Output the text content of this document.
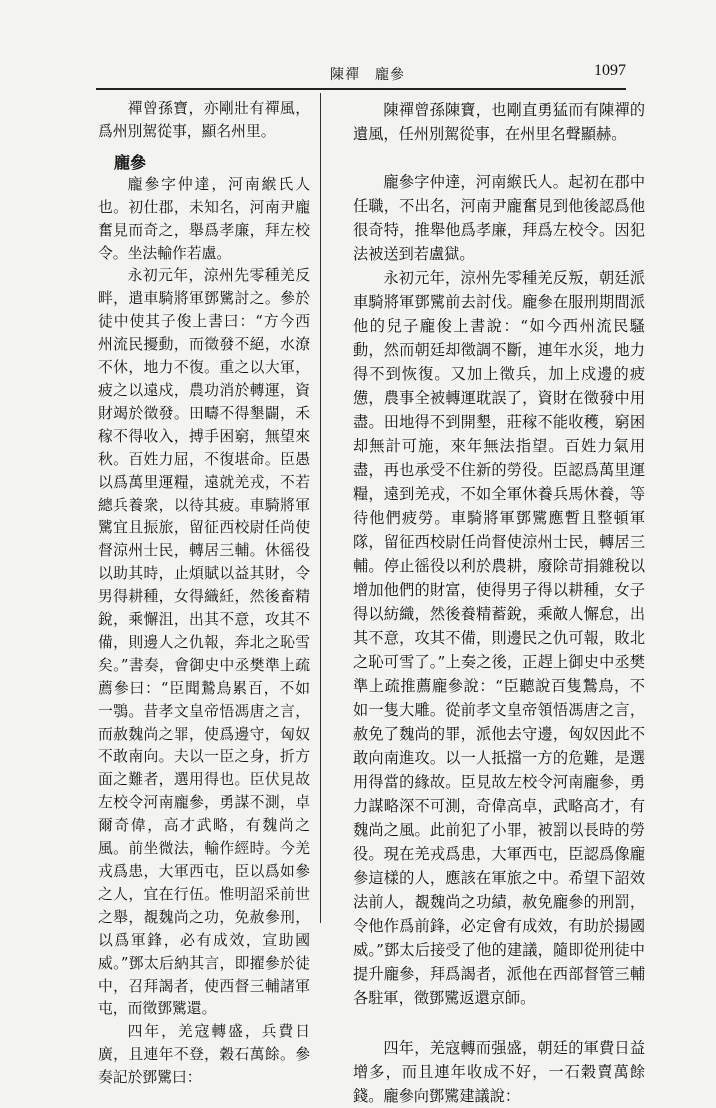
陳禪　龐參	1097

禪曾孫寶，亦剛壯有禪風，爲州別駕從事，顯名州里。

龐參

龐參字仲達，河南緱氏人也。初仕郡，未知名，河南尹龐奮見而奇之，舉爲孝廉，拜左校令。坐法輸作若盧。

永初元年，涼州先零種羌反畔，遣車騎將軍鄧騭討之。參於徒中使其子俊上書曰：“方今西州流民擾動，而徵發不絕，水潦不休，地力不復。重之以大軍，疲之以遠戍，農功消於轉運，資財竭於徵發。田疇不得墾闢，禾稼不得收入，搏手困窮，無望來秋。百姓力屈，不復堪命。臣愚以爲萬里運糧，遠就羌戎，不若總兵養衆，以待其疲。車騎將軍騭宜且振旅，留征西校尉任尚使督涼州士民，轉居三輔。休徭役以助其時，止煩賦以益其財，令男得耕種，女得織紝，然後畜精銳，乘懈沮，出其不意，攻其不備，則邊人之仇報，奔北之恥雪矣。”書奏，會御史中丞樊準上疏薦參曰：“臣聞鷙鳥累百，不如一鶚。昔孝文皇帝悟馮唐之言，而赦魏尚之罪，使爲邊守，匈奴不敢南向。夫以一臣之身，折方面之難者，選用得也。臣伏見故左校令河南龐參，勇謀不測，卓爾奇偉，高才武略，有魏尚之風。前坐微法，輸作經時。今羌戎爲患，大軍西屯，臣以爲如參之人，宜在行伍。惟明詔采前世之舉，覩魏尚之功，免赦參刑，以爲軍鋒，必有成效，宣助國威。”鄧太后納其言，即擢參於徒中，召拜謁者，使西督三輔諸軍屯，而徵鄧騭還。

四年，羌寇轉盛，兵費日廣，且連年不登，穀石萬餘。參奏記於鄧騭曰：

陳禪曾孫陳寶，也剛直勇猛而有陳禪的遺風，任州別駕從事，在州里名聲顯赫。

龐參字仲達，河南緱氏人。起初在郡中任職，不出名，河南尹龐奮見到他後認爲他很奇特，推舉他爲孝廉，拜爲左校令。因犯法被送到若盧獄。

永初元年，涼州先零種羌反叛，朝廷派車騎將軍鄧騭前去討伐。龐參在服刑期間派他的兒子龐俊上書說：“如今西州流民騷動，然而朝廷却徵調不斷，連年水災，地力得不到恢復。又加上徵兵，加上戍邊的疲憊，農事全被轉運耽誤了，資財在徵發中用盡。田地得不到開墾，莊稼不能收穫，窮困却無計可施，來年無法指望。百姓力氣用盡，再也承受不住新的勞役。臣認爲萬里運糧，遠到羌戎，不如全軍休養兵馬休養，等待他們疲勞。車騎將軍鄧騭應暫且整頓軍隊，留征西校尉任尚督使涼州士民，轉居三輔。停止徭役以利於農耕，廢除苛捐雜稅以增加他們的財富，使得男子得以耕種，女子得以紡織，然後養精蓄銳，乘敵人懈怠，出其不意，攻其不備，則邊民之仇可報，敗北之恥可雪了。”上奏之後，正趕上御史中丞樊準上疏推薦龐參說：“臣聽說百隻鷙鳥，不如一隻大雕。從前孝文皇帝領悟馮唐之言，赦免了魏尚的罪，派他去守邊，匈奴因此不敢向南進攻。以一人抵擋一方的危難，是選用得當的緣故。臣見故左校令河南龐參，勇力謀略深不可測，奇偉高卓，武略高才，有魏尚之風。此前犯了小罪，被罰以長時的勞役。現在羌戎爲患，大軍西屯，臣認爲像龐參這樣的人，應該在軍旅之中。希望下詔效法前人，覩魏尚之功績，赦免龐參的刑罰，令他作爲前鋒，必定會有成效，有助於揚國威。”鄧太后接受了他的建議，隨即從刑徒中提升龐參，拜爲謁者，派他在西部督管三輔各駐軍，徵鄧騭返還京師。

四年，羌寇轉而强盛，朝廷的軍費日益增多，而且連年收成不好，一石穀賣萬餘錢。龐參向鄧騭建議說：
